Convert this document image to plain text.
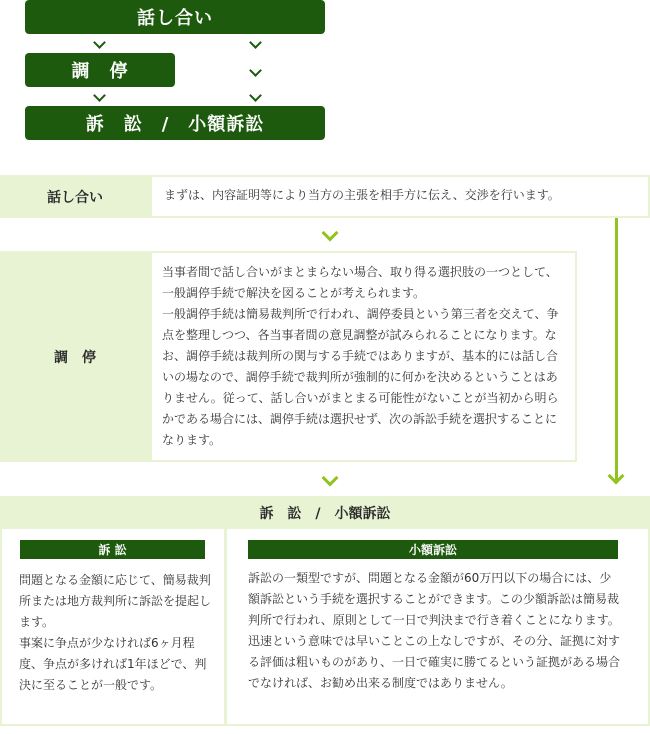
話し合い
調　停
訴　訟　/　小額訴訟
話し合い	まずは、内容証明等により当方の主張を相手方に伝え、交渉を行います。
調　停

当事者間で話し合いがまとまらない場合、取り得る選択肢の一つとして、一般調停手続で解決を図ることが考えられます。

一般調停手続は簡易裁判所で行われ、調停委員という第三者を交えて、争点を整理しつつ、各当事者間の意見調整が試みられることになります。なお、調停手続は裁判所の関与する手続ではありますが、基本的には話し合いの場なので、調停手続で裁判所が強制的に何かを決めるということはありません。従って、話し合いがまとまる可能性がないことが当初から明らかである場合には、調停手続は選択せず、次の訴訟手続を選択することになります。

訴　訟　/　小額訴訟
訴 訟

問題となる金額に応じて、簡易裁判所または地方裁判所に訴訟を提起します。

事案に争点が少なければ6ヶ月程度、争点が多ければ1年ほどで、判決に至ることが一般です。

小額訴訟

訴訟の一類型ですが、問題となる金額が60万円以下の場合には、少額訴訟という手続を選択することができます。この少額訴訟は簡易裁判所で行われ、原則として一日で判決まで行き着くことになります。

迅速という意味では早いことこの上なしですが、その分、証拠に対する評価は粗いものがあり、一日で確実に勝てるという証拠がある場合でなければ、お勧め出来る制度ではありません。
